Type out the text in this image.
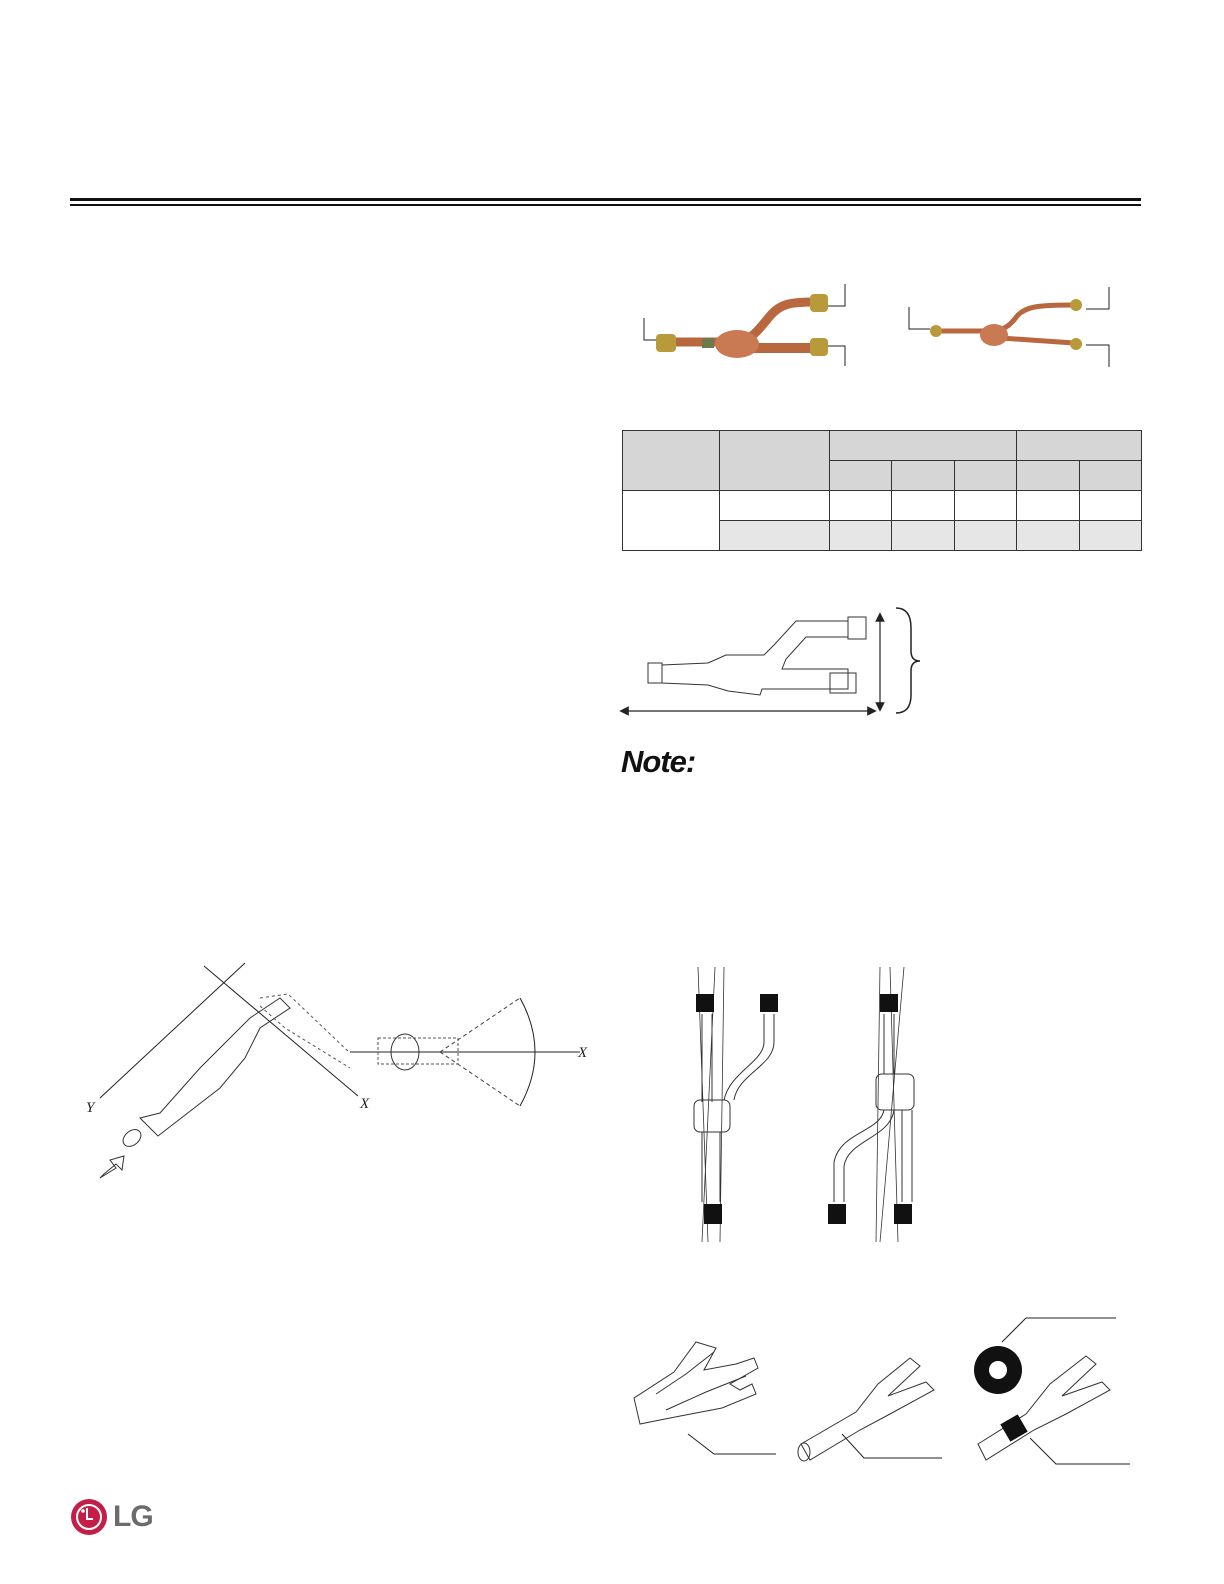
Note:

Y	X
X
LG
